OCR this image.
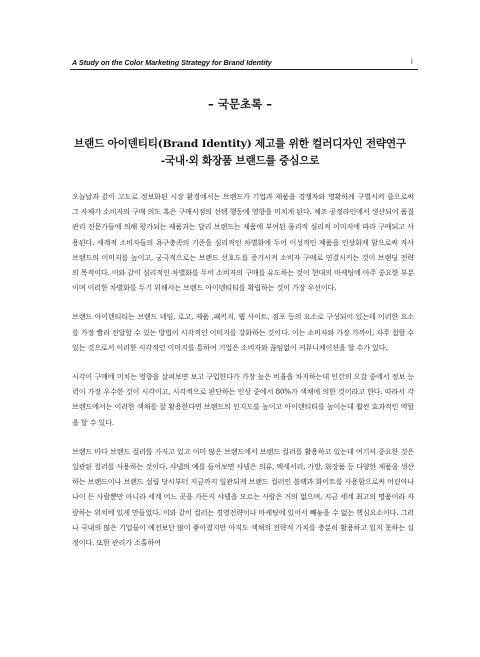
A Study on the Color Marketing Strategy for Brand Identity	i
– 국문초록 –
브랜드 아이덴티티(Brand Identity) 제고를 위한 컬러디자인 전략연구
-국내·외 화장품 브랜드를 중심으로

오늘날과 같이 고도로 정보화된 시장 환경에서는 브랜드가 기업과 제품을 경쟁자와 명확하게 구별시켜 줌으로써 그 자체가 소비자의 구매 의도 혹은 구매시점의 선택 행동에 영향을 미치게 된다. 제조 공정라인에서 생산되어 품질관리 전문가들에 의해 평가되는 제품과는 달리 브랜드는 제품에 부여된 물리적 심리적 이미지에 따라 구매되고 사용된다. 세계적 소비자들의 욕구충족의 기준을 심리적인 차별화에 두어 이성적인 제품을 인상화게 함으로써 자사 브랜드의 이미지를 높이고, 궁극적으로는 브랜드 선호도를 증가시켜 소비자 구매로 연결시키는 것이 브랜딩 전략의 목적이다. 이와 같이 심리적인 차별화를 두어 소비자의 구매를 유도하는 것이 현대의 마케팅에 아주 중요한 부분이며 이러한 차별화를 두기 위해서는 브랜드 아이덴티티를 확립하는 것이 가장 우선이다.

브랜드 아이덴티티는 브랜드 네임, 로고, 제품 ,패키지, 웹 사이트, 점포 등의 요소로 구성되어 있는데 이러한 요소를 가장 빨리 전달할 수 있는 방법이 시각적인 이미지를 강화하는 것이다. 이는 소비자와 가장 가까이, 자주 접할 수 있는 것으로서 이러한 시각적인 이미지를 통하여 기업은 소비자와 끊임없이 커뮤니케이션을 할 수가 있다.

시각이 구매에 미치는 영향을 살펴보면 보고 구입한다가 가장 높은 비율을 차지하는데 인간의 오감 중에서 정보 능력이 가장 우수한 것이 시각이고, 시각적으로 판단하는 인상 중에서 80%가 색채에 의한 것이라고 한다. 따라서 각 브랜드에서는 이러한 색채를 잘 활용한다면 브랜드의 인지도를 높이고 아이덴티티를 높이는데 훨씬 효과적인 역할을 할 수 있다.

브랜드 마다 브랜드 컬러를 가지고 있고 이미 많은 브랜드에서 브랜드 컬러를 활용하고 있는데 여기서 중요한 것은 일관된 컬러를 사용하는 것이다. 샤넬의 예를 들어보면 샤넬은 의류, 액세서리, 가방, 화장품 등 다양한 제품을 생산하는 브랜드이나 브랜드 설립 당시부터 지금까지 일관되게 브랜드 컬러인 블랙과 화이트를 사용함으로써 어린아나 나이 든 사람뿐만 아니라 세계 어느 곳을 가든지 샤넬을 모르는 사람은 거의 없으며, 지금 세계 최고의 명품이라 자랑하는 위치에 있게 만들었다. 이와 같이 컬러는 경영전략이나 마케팅에 있어서 빼놓을 수 없는 핵심요소이다. 그러나 국내의 많은 기업들이 예전보단 많이 좋아졌지만 아직도 색채의 전략적 가치를 충분히 활용하고 있지 못하는 실정이다. 또한 관리가 소홀하여
